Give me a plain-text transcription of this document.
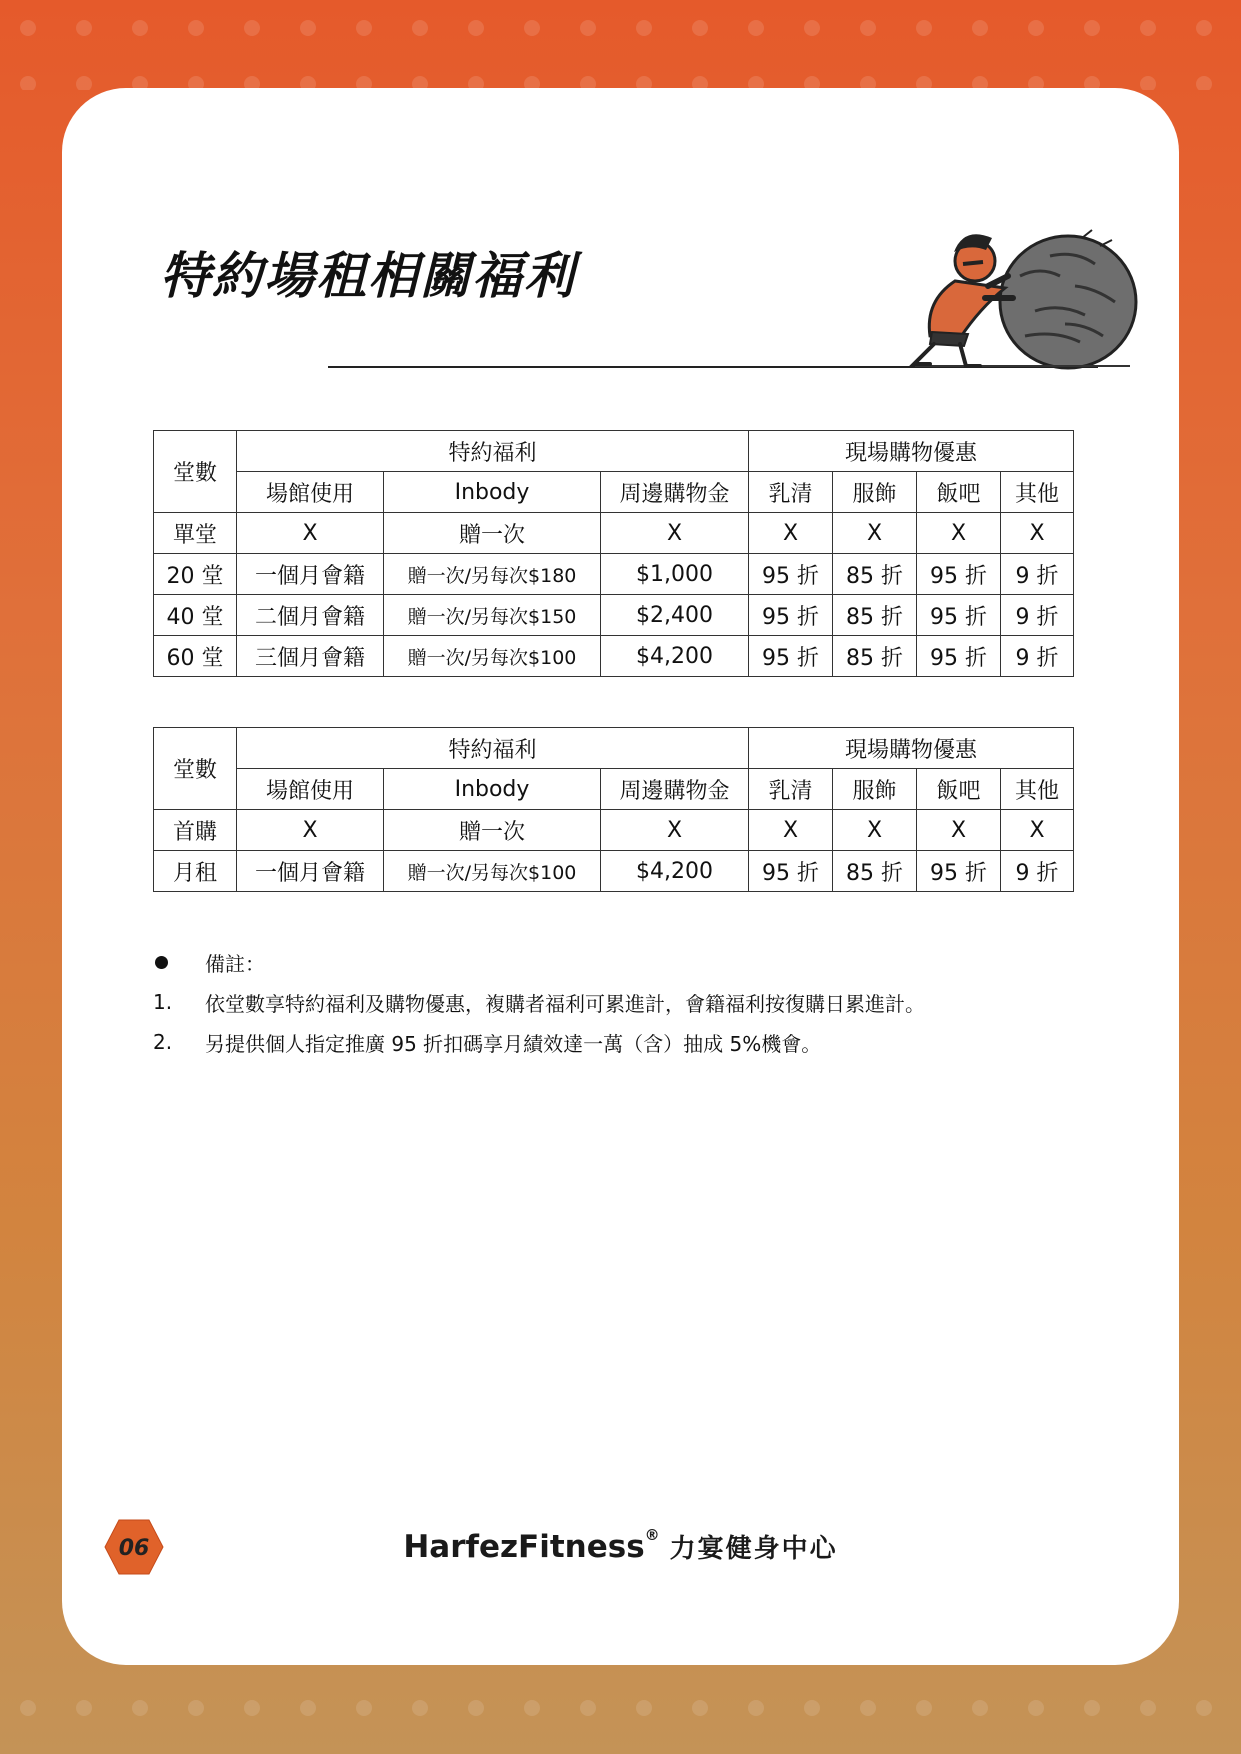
特約場租相關福利
堂數	特約福利			現場購物優惠			
	場館使用	Inbody	周邊購物金	乳清	服飾	飯吧	其他
單堂	X	贈一次	X	X	X	X	X
20 堂	一個月會籍	贈一次/另每次$180	$1,000	95 折	85 折	95 折	9 折
40 堂	二個月會籍	贈一次/另每次$150	$2,400	95 折	85 折	95 折	9 折
60 堂	三個月會籍	贈一次/另每次$100	$4,200	95 折	85 折	95 折	9 折
堂數	特約福利			現場購物優惠			
	場館使用	Inbody	周邊購物金	乳清	服飾	飯吧	其他
首購	X	贈一次	X	X	X	X	X
月租	一個月會籍	贈一次/另每次$100	$4,200	95 折	85 折	95 折	9 折
備註：
1.	依堂數享特約福利及購物優惠，複購者福利可累進計，會籍福利按復購日累進計。
2.	另提供個人指定推廣 95 折扣碼享月績效達一萬（含）抽成 5%機會。
06	HarfezFitness® 力宴健身中心
